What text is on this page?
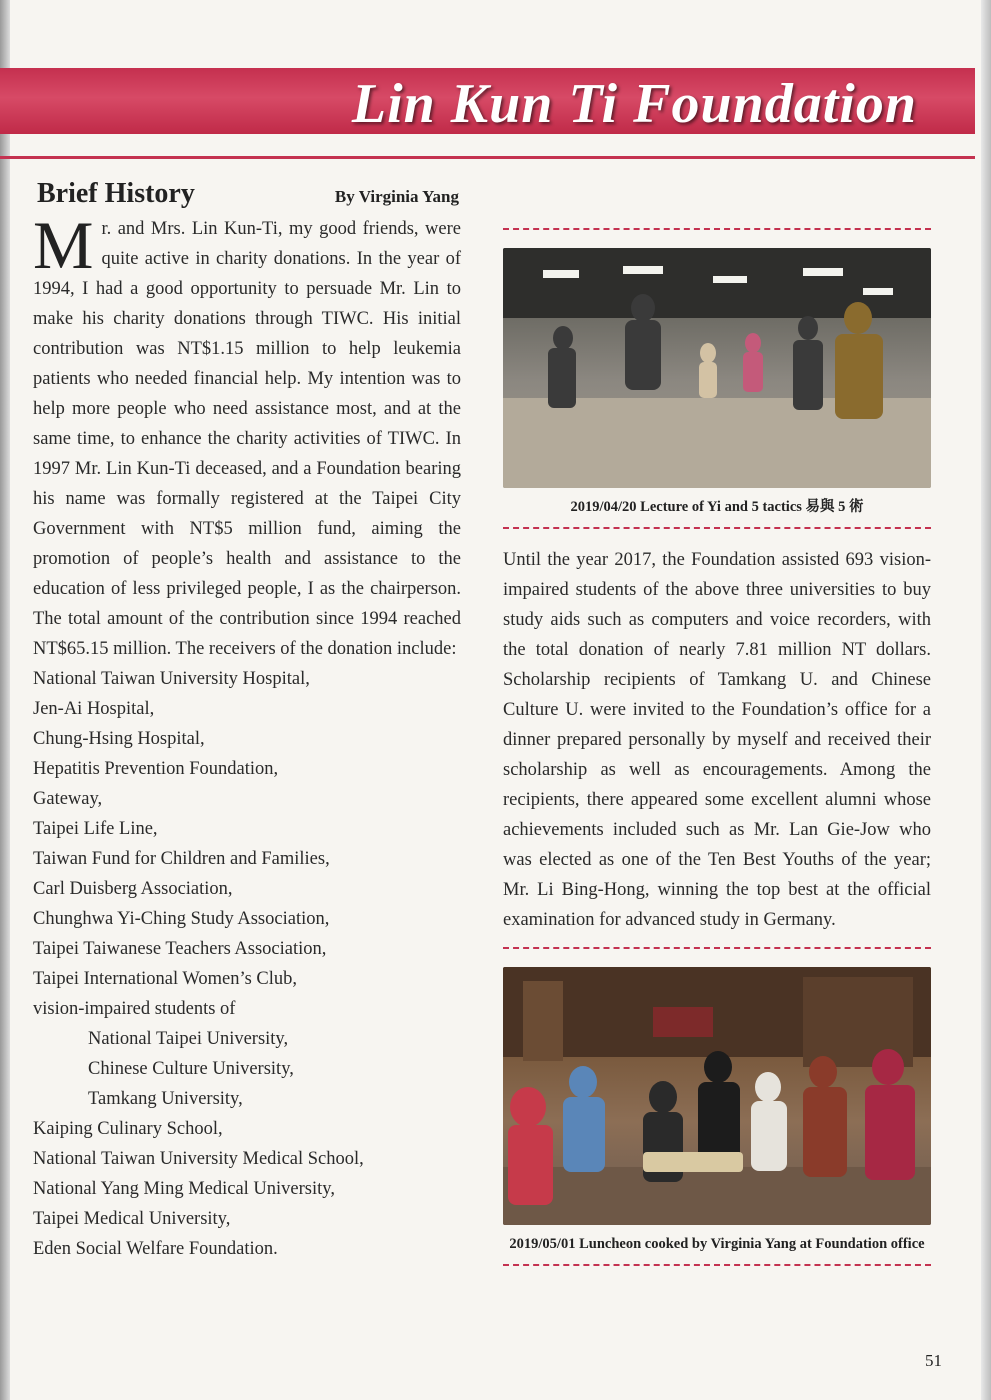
Lin Kun Ti Foundation
Brief History	By Virginia Yang

Mr. and Mrs. Lin Kun-Ti, my good friends, were quite active in charity donations. In the year of 1994, I had a good opportunity to persuade Mr. Lin to make his charity donations through TIWC. His initial contribution was NT$1.15 million to help leukemia patients who needed financial help. My intention was to help more people who need assistance most, and at the same time, to enhance the charity activities of TIWC. In 1997 Mr. Lin Kun-Ti deceased, and a Foundation bearing his name was formally registered at the Taipei City Government with NT$5 million fund, aiming the promotion of people’s health and assistance to the education of less privileged people, I as the chairperson. The total amount of the contribution since 1994 reached NT$65.15 million. The receivers of the donation include:

National Taiwan University Hospital,
Jen-Ai Hospital,
Chung-Hsing Hospital,
Hepatitis Prevention Foundation,
Gateway,
Taipei Life Line,
Taiwan Fund for Children and Families,
Carl Duisberg Association,
Chunghwa Yi-Ching Study Association,
Taipei Taiwanese Teachers Association,
Taipei International Women’s Club,
vision-impaired students of
National Taipei University,
Chinese Culture University,
Tamkang University,
Kaiping Culinary School,
National Taiwan University Medical School,
National Yang Ming Medical University,
Taipei Medical University,
Eden Social Welfare Foundation.
2019/04/20 Lecture of Yi and 5 tactics 易與 5 術

Until the year 2017, the Foundation assisted 693 vision-impaired students of the above three universities to buy study aids such as computers and voice recorders, with the total donation of nearly 7.81 million NT dollars. Scholarship recipients of Tamkang U. and Chinese Culture U. were invited to the Foundation’s office for a dinner prepared personally by myself and received their scholarship as well as encouragements. Among the recipients, there appeared some excellent alumni whose achievements included such as Mr. Lan Gie-Jow who was elected as one of the Ten Best Youths of the year; Mr. Li Bing-Hong, winning the top best at the official examination for advanced study in Germany.

2019/05/01 Luncheon cooked by Virginia Yang at Foundation office
51
